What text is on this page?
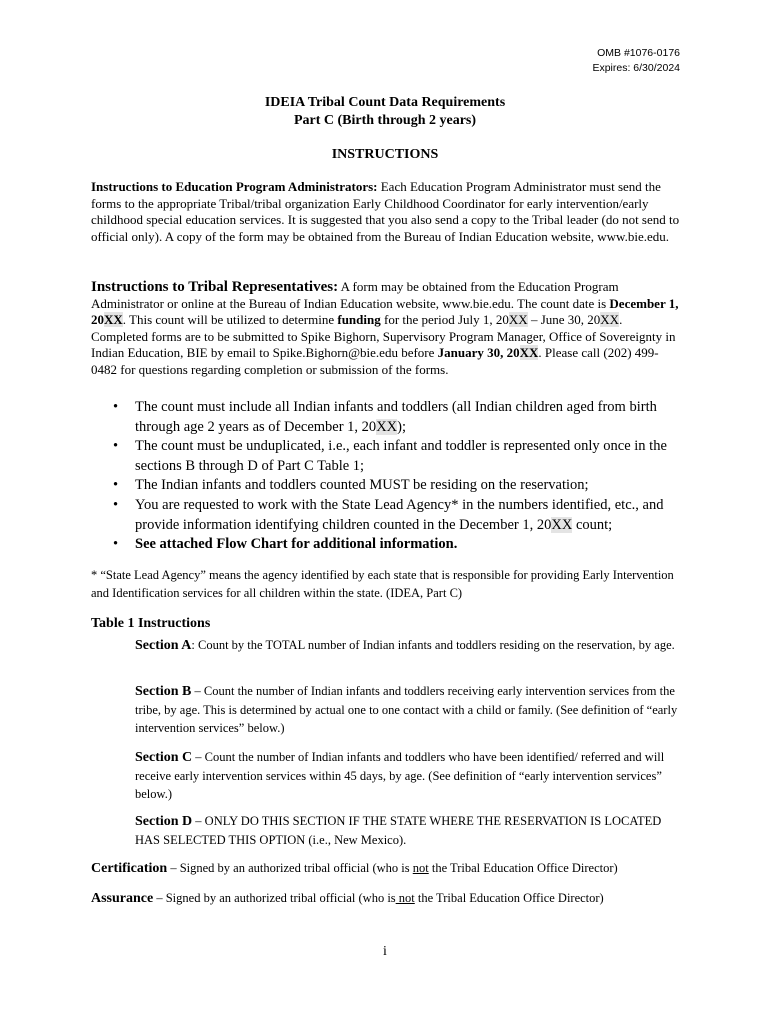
OMB #1076-0176
Expires: 6/30/2024
IDEIA Tribal Count Data Requirements
Part C (Birth through 2 years)
INSTRUCTIONS
Instructions to Education Program Administrators: Each Education Program Administrator must send the forms to the appropriate Tribal/tribal organization Early Childhood Coordinator for early intervention/early childhood special education services. It is suggested that you also send a copy to the Tribal leader (do not send to official only). A copy of the form may be obtained from the Bureau of Indian Education website, www.bie.edu.
Instructions to Tribal Representatives: A form may be obtained from the Education Program Administrator or online at the Bureau of Indian Education website, www.bie.edu. The count date is December 1, 20XX. This count will be utilized to determine funding for the period July 1, 20XX – June 30, 20XX. Completed forms are to be submitted to Spike Bighorn, Supervisory Program Manager, Office of Sovereignty in Indian Education, BIE by email to Spike.Bighorn@bie.edu before January 30, 20XX. Please call (202) 499-0482 for questions regarding completion or submission of the forms.
• The count must include all Indian infants and toddlers (all Indian children aged from birth through age 2 years as of December 1, 20XX);
• The count must be unduplicated, i.e., each infant and toddler is represented only once in the sections B through D of Part C Table 1;
• The Indian infants and toddlers counted MUST be residing on the reservation;
• You are requested to work with the State Lead Agency* in the numbers identified, etc., and provide information identifying children counted in the December 1, 20XX count;
• See attached Flow Chart for additional information.
* “State Lead Agency” means the agency identified by each state that is responsible for providing Early Intervention and Identification services for all children within the state. (IDEA, Part C)
Table 1 Instructions
Section A: Count by the TOTAL number of Indian infants and toddlers residing on the reservation, by age.
Section B – Count the number of Indian infants and toddlers receiving early intervention services from the tribe, by age. This is determined by actual one to one contact with a child or family. (See definition of “early intervention services” below.)
Section C – Count the number of Indian infants and toddlers who have been identified/ referred and will receive early intervention services within 45 days, by age. (See definition of “early intervention services” below.)
Section D – ONLY DO THIS SECTION IF THE STATE WHERE THE RESERVATION IS LOCATED HAS SELECTED THIS OPTION (i.e., New Mexico).
Certification – Signed by an authorized tribal official (who is not the Tribal Education Office Director)
Assurance – Signed by an authorized tribal official (who is not the Tribal Education Office Director)
i
